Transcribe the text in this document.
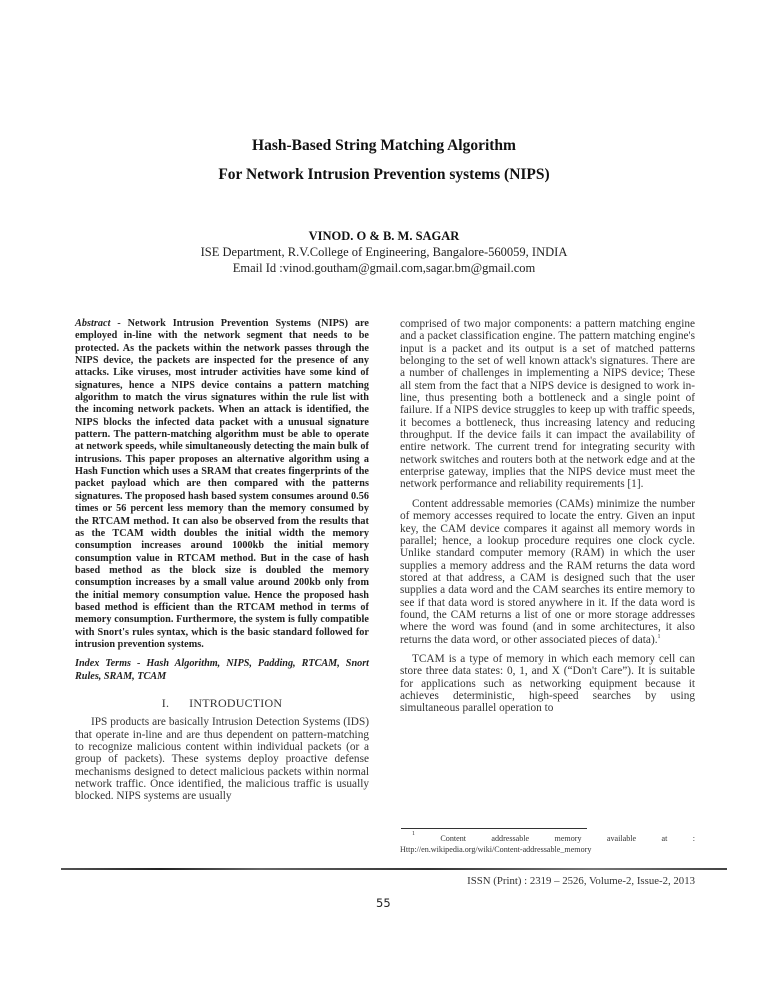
Hash-Based String Matching Algorithm
For Network Intrusion Prevention systems (NIPS)
VINOD. O & B. M. SAGAR
ISE Department, R.V.College of Engineering, Bangalore-560059, INDIA
Email Id :vinod.goutham@gmail.com,sagar.bm@gmail.com

Abstract - Network Intrusion Prevention Systems (NIPS) are employed in-line with the network segment that needs to be protected. As the packets within the network passes through the NIPS device, the packets are inspected for the presence of any attacks. Like viruses, most intruder activities have some kind of signatures, hence a NIPS device contains a pattern matching algorithm to match the virus signatures within the rule list with the incoming network packets. When an attack is identified, the NIPS blocks the infected data packet with a unusual signature pattern. The pattern-matching algorithm must be able to operate at network speeds, while simultaneously detecting the main bulk of intrusions. This paper proposes an alternative algorithm using a Hash Function which uses a SRAM that creates fingerprints of the packet payload which are then compared with the patterns signatures. The proposed hash based system consumes around 0.56 times or 56 percent less memory than the memory consumed by the RTCAM method. It can also be observed from the results that as the TCAM width doubles the initial width the memory consumption increases around 1000kb the initial memory consumption value in RTCAM method. But in the case of hash based method as the block size is doubled the memory consumption increases by a small value around 200kb only from the initial memory consumption value. Hence the proposed hash based method is efficient than the RTCAM method in terms of memory consumption. Furthermore, the system is fully compatible with Snort's rules syntax, which is the basic standard followed for intrusion prevention systems.

Index Terms - Hash Algorithm, NIPS, Padding, RTCAM, Snort Rules, SRAM, TCAM

I. INTRODUCTION

IPS products are basically Intrusion Detection Systems (IDS) that operate in-line and are thus dependent on pattern-matching to recognize malicious content within individual packets (or a group of packets). These systems deploy proactive defense mechanisms designed to detect malicious packets within normal network traffic. Once identified, the malicious traffic is usually blocked. NIPS systems are usually

comprised of two major components: a pattern matching engine and a packet classification engine. The pattern matching engine's input is a packet and its output is a set of matched patterns belonging to the set of well known attack's signatures. There are a number of challenges in implementing a NIPS device; These all stem from the fact that a NIPS device is designed to work in-line, thus presenting both a bottleneck and a single point of failure. If a NIPS device struggles to keep up with traffic speeds, it becomes a bottleneck, thus increasing latency and reducing throughput. If the device fails it can impact the availability of entire network. The current trend for integrating security with network switches and routers both at the network edge and at the enterprise gateway, implies that the NIPS device must meet the network performance and reliability requirements [1].

Content addressable memories (CAMs) minimize the number of memory accesses required to locate the entry. Given an input key, the CAM device compares it against all memory words in parallel; hence, a lookup procedure requires one clock cycle. Unlike standard computer memory (RAM) in which the user supplies a memory address and the RAM returns the data word stored at that address, a CAM is designed such that the user supplies a data word and the CAM searches its entire memory to see if that data word is stored anywhere in it. If the data word is found, the CAM returns a list of one or more storage addresses where the word was found (and in some architectures, it also returns the data word, or other associated pieces of data).$^1$

TCAM is a type of memory in which each memory cell can store three data states: 0, 1, and X (“Don't Care”). It is suitable for applications such as networking equipment because it achieves deterministic, high-speed searches by using simultaneous parallel operation to

1	Content	addressable	memory	available	at	:
Http://en.wikipedia.org/wiki/Content-addressable_memory
ISSN (Print) : 2319 – 2526, Volume-2, Issue-2, 2013
55
